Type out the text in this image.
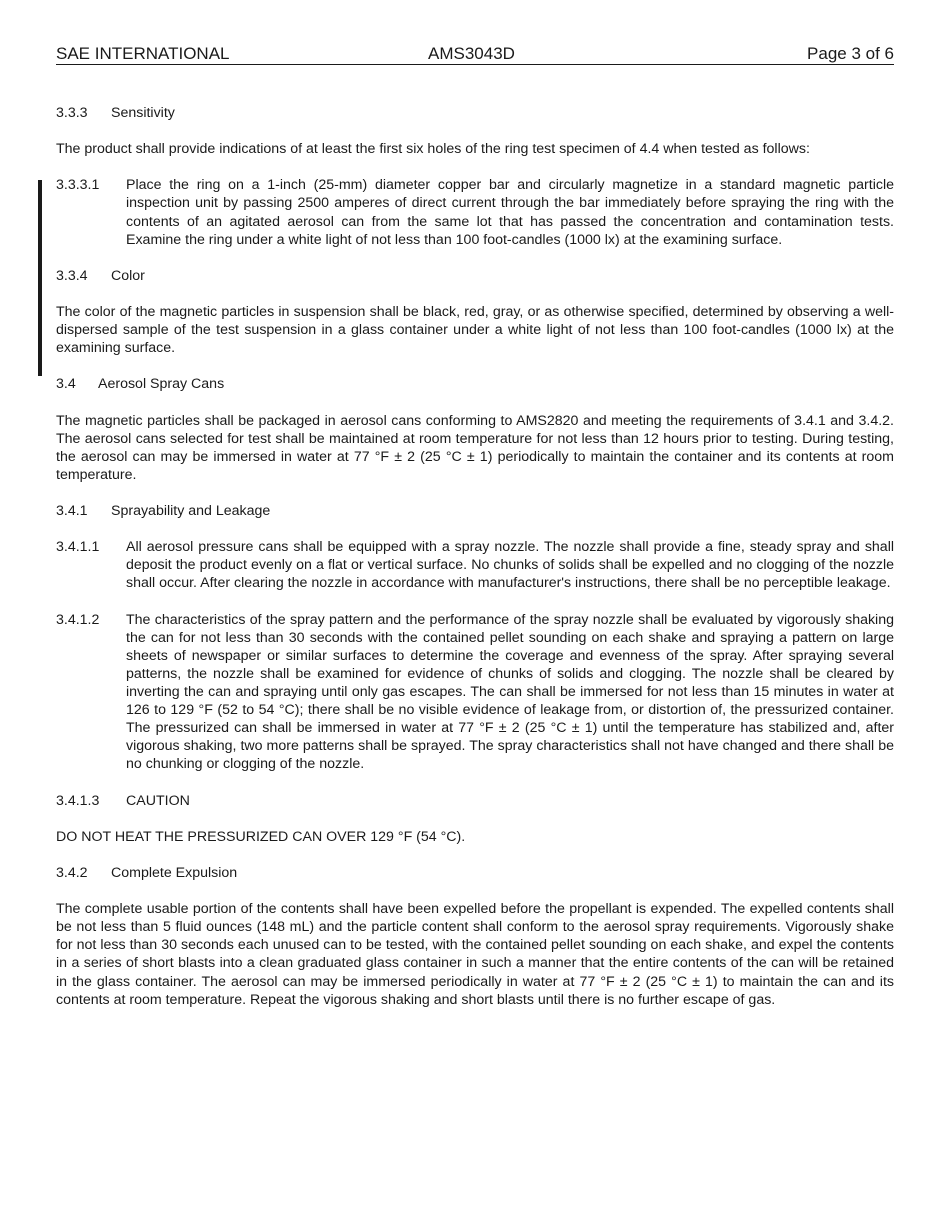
SAE INTERNATIONAL	AMS3043D	Page 3 of 6
3.3.3 Sensitivity
The product shall provide indications of at least the first six holes of the ring test specimen of 4.4 when tested as follows:
3.3.3.1	Place the ring on a 1-inch (25-mm) diameter copper bar and circularly magnetize in a standard magnetic particle inspection unit by passing 2500 amperes of direct current through the bar immediately before spraying the ring with the contents of an agitated aerosol can from the same lot that has passed the concentration and contamination tests. Examine the ring under a white light of not less than 100 foot-candles (1000 lx) at the examining surface.
3.3.4 Color
The color of the magnetic particles in suspension shall be black, red, gray, or as otherwise specified, determined by observing a well-dispersed sample of the test suspension in a glass container under a white light of not less than 100 foot-candles (1000 lx) at the examining surface.
3.4 Aerosol Spray Cans
The magnetic particles shall be packaged in aerosol cans conforming to AMS2820 and meeting the requirements of 3.4.1 and 3.4.2. The aerosol cans selected for test shall be maintained at room temperature for not less than 12 hours prior to testing. During testing, the aerosol can may be immersed in water at 77 °F ± 2 (25 °C ± 1) periodically to maintain the container and its contents at room temperature.
3.4.1 Sprayability and Leakage
3.4.1.1	All aerosol pressure cans shall be equipped with a spray nozzle. The nozzle shall provide a fine, steady spray and shall deposit the product evenly on a flat or vertical surface. No chunks of solids shall be expelled and no clogging of the nozzle shall occur. After clearing the nozzle in accordance with manufacturer's instructions, there shall be no perceptible leakage.
3.4.1.2	The characteristics of the spray pattern and the performance of the spray nozzle shall be evaluated by vigorously shaking the can for not less than 30 seconds with the contained pellet sounding on each shake and spraying a pattern on large sheets of newspaper or similar surfaces to determine the coverage and evenness of the spray. After spraying several patterns, the nozzle shall be examined for evidence of chunks of solids and clogging. The nozzle shall be cleared by inverting the can and spraying until only gas escapes. The can shall be immersed for not less than 15 minutes in water at 126 to 129 °F (52 to 54 °C); there shall be no visible evidence of leakage from, or distortion of, the pressurized container. The pressurized can shall be immersed in water at 77 °F ± 2 (25 °C ± 1) until the temperature has stabilized and, after vigorous shaking, two more patterns shall be sprayed. The spray characteristics shall not have changed and there shall be no chunking or clogging of the nozzle.
3.4.1.3 CAUTION
DO NOT HEAT THE PRESSURIZED CAN OVER 129 °F (54 °C).
3.4.2 Complete Expulsion
The complete usable portion of the contents shall have been expelled before the propellant is expended. The expelled contents shall be not less than 5 fluid ounces (148 mL) and the particle content shall conform to the aerosol spray requirements. Vigorously shake for not less than 30 seconds each unused can to be tested, with the contained pellet sounding on each shake, and expel the contents in a series of short blasts into a clean graduated glass container in such a manner that the entire contents of the can will be retained in the glass container. The aerosol can may be immersed periodically in water at 77 °F ± 2 (25 °C ± 1) to maintain the can and its contents at room temperature. Repeat the vigorous shaking and short blasts until there is no further escape of gas.
